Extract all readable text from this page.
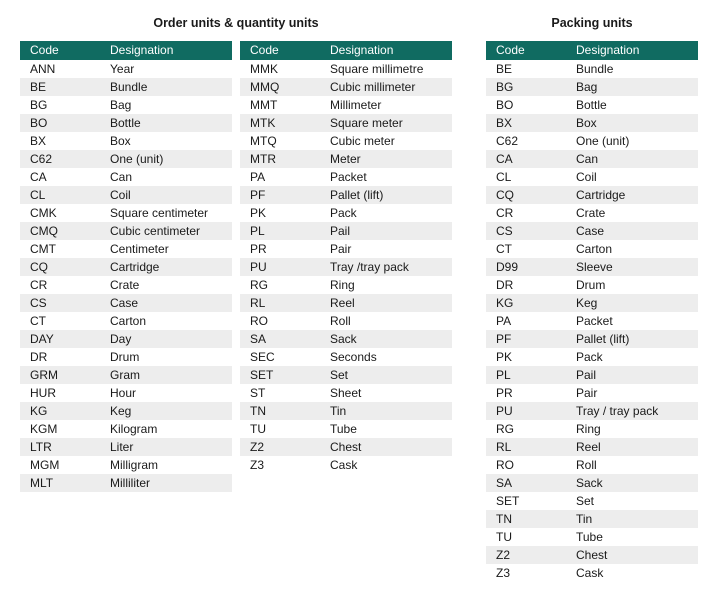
Order units & quantity units	Packing units
Code	Designation
ANN	Year
BE	Bundle
BG	Bag
BO	Bottle
BX	Box
C62	One (unit)
CA	Can
CL	Coil
CMK	Square centimeter
CMQ	Cubic centimeter
CMT	Centimeter
CQ	Cartridge
CR	Crate
CS	Case
CT	Carton
DAY	Day
DR	Drum
GRM	Gram
HUR	Hour
KG	Keg
KGM	Kilogram
LTR	Liter
MGM	Milligram
MLT	Milliliter
Code	Designation
MMK	Square millimetre
MMQ	Cubic millimeter
MMT	Millimeter
MTK	Square meter
MTQ	Cubic meter
MTR	Meter
PA	Packet
PF	Pallet (lift)
PK	Pack
PL	Pail
PR	Pair
PU	Tray /tray pack
RG	Ring
RL	Reel
RO	Roll
SA	Sack
SEC	Seconds
SET	Set
ST	Sheet
TN	Tin
TU	Tube
Z2	Chest
Z3	Cask
Code	Designation
BE	Bundle
BG	Bag
BO	Bottle
BX	Box
C62	One (unit)
CA	Can
CL	Coil
CQ	Cartridge
CR	Crate
CS	Case
CT	Carton
D99	Sleeve
DR	Drum
KG	Keg
PA	Packet
PF	Pallet (lift)
PK	Pack
PL	Pail
PR	Pair
PU	Tray / tray pack
RG	Ring
RL	Reel
RO	Roll
SA	Sack
SET	Set
TN	Tin
TU	Tube
Z2	Chest
Z3	Cask
